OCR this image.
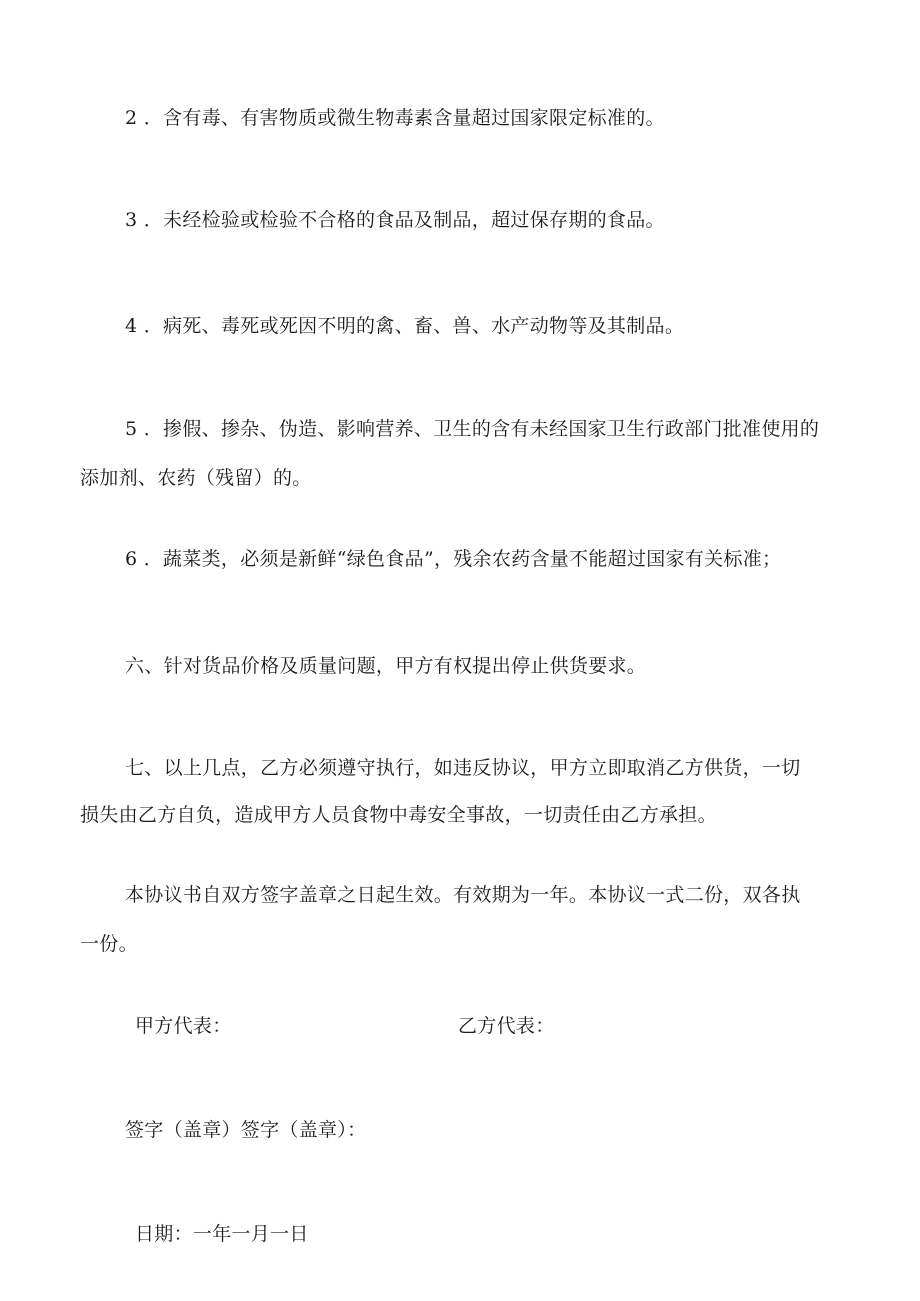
2 ．含有毒、有害物质或微生物毒素含量超过国家限定标准的。
3 ．未经检验或检验不合格的食品及制品，超过保存期的食品。
4 ．病死、毒死或死因不明的禽、畜、兽、水产动物等及其制品。
5 ．掺假、掺杂、伪造、影响营养、卫生的含有未经国家卫生行政部门批准使用的
添加剂、农药（残留）的。
6 ．蔬菜类，必须是新鲜“绿色食品”，残余农药含量不能超过国家有关标准；
六、针对货品价格及质量问题，甲方有权提出停止供货要求。
七、以上几点，乙方必须遵守执行，如违反协议，甲方立即取消乙方供货，一切
损失由乙方自负，造成甲方人员食物中毒安全事故，一切责任由乙方承担。
本协议书自双方签字盖章之日起生效。有效期为一年。本协议一式二份，双各执
一份。
甲方代表：	乙方代表：
签字（盖章）签字（盖章）：
日期：一年一月一日
